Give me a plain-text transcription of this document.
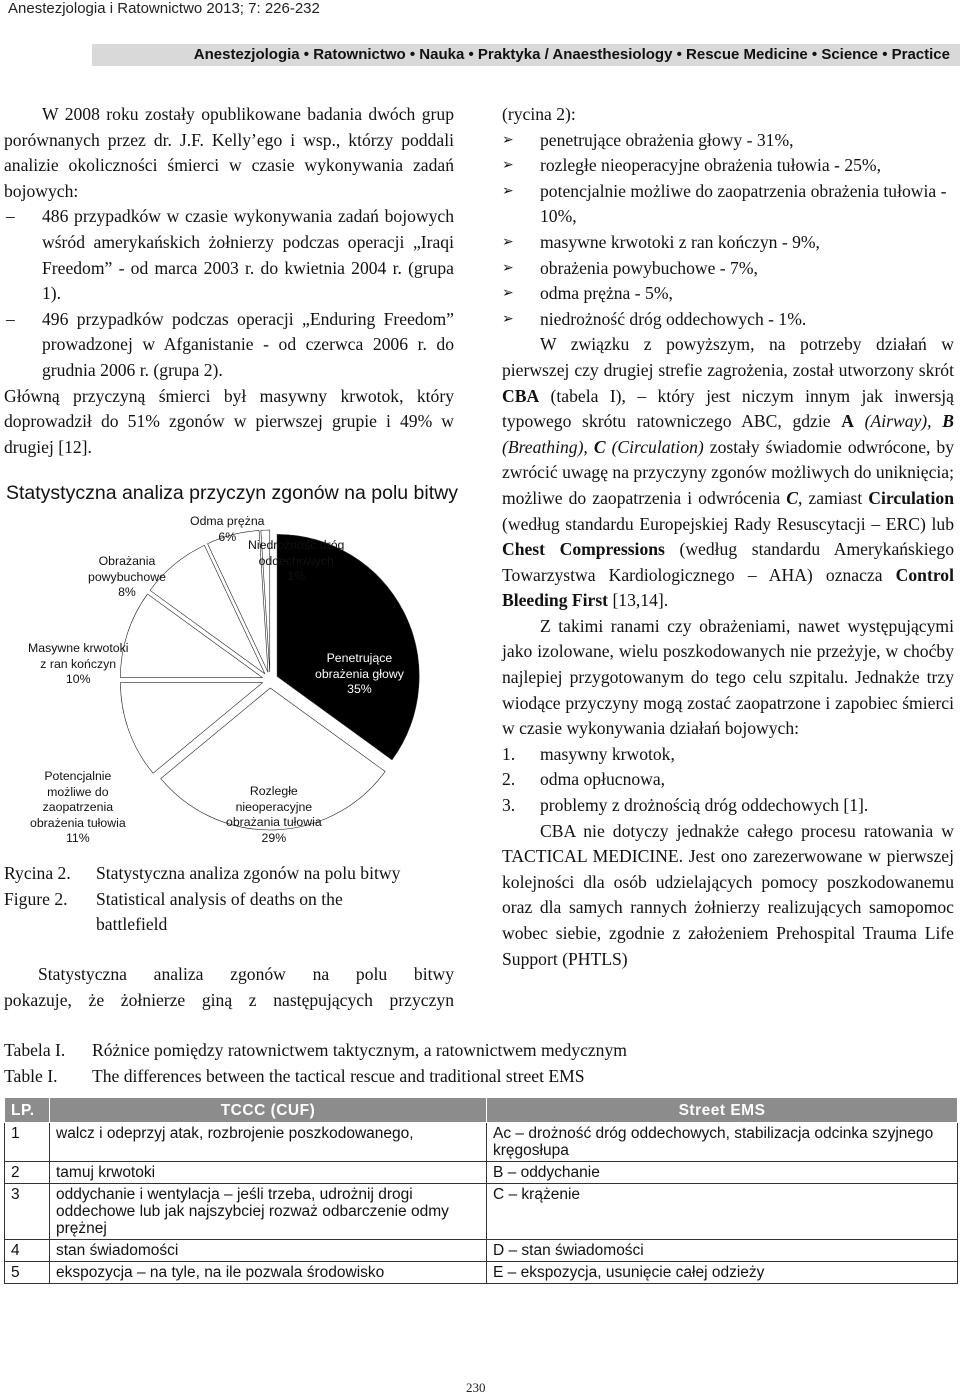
Anestezjologia i Ratownictwo 2013; 7: 226-232
Anestezjologia • Ratownictwo • Nauka • Praktyka / Anaesthesiology • Rescue Medicine • Science • Practice

W 2008 roku zostały opublikowane badania dwóch grup porównanych przez dr. J.F. Kelly’ego i wsp., którzy poddali analizie okoliczności śmierci w czasie wykonywania zadań bojowych:

– 486 przypadków w czasie wykonywania zadań bojowych wśród amerykańskich żołnierzy podczas operacji „Iraqi Freedom” - od marca 2003 r. do kwietnia 2004 r. (grupa 1).
– 496 przypadków podczas operacji „Enduring Freedom” prowadzonej w Afganistanie - od czerwca 2006 r. do grudnia 2006 r. (grupa 2).

Główną przyczyną śmierci był masywny krwotok, który doprowadził do 51% zgonów w pierwszej grupie i 49% w drugiej [12].

Statystyczna analiza przyczyn zgonów na polu bitwy
Odma prężna
6%
Niedrożność dróg
oddechowych
1%
Obrażania
powybuchowe
8%
Masywne krwotoki
z ran kończyn
10%
Penetrujące
obrażenia głowy
35%
Potencjalnie
możliwe do
zaopatrzenia
obrażenia tułowia
11%
Rozległe
nieoperacyjne
obrażania tułowia
29%
Rycina 2. Statystyczna analiza zgonów na polu bitwy
Figure 2. Statistical analysis of deaths on the
battlefield

Statystyczna analiza zgonów na polu bitwy

pokazuje, że żołnierze giną z następujących przyczyn

(rycina 2):

➢ penetrujące obrażenia głowy - 31%,
➢ rozległe nieoperacyjne obrażenia tułowia - 25%,
➢ potencjalnie możliwe do zaopatrzenia obrażenia tułowia - 10%,
➢ masywne krwotoki z ran kończyn - 9%,
➢ obrażenia powybuchowe - 7%,
➢ odma prężna - 5%,
➢ niedrożność dróg oddechowych - 1%.

W związku z powyższym, na potrzeby działań w pierwszej czy drugiej strefie zagrożenia, został utworzony skrót CBA (tabela I), – który jest niczym innym jak inwersją typowego skrótu ratowniczego ABC, gdzie A (Airway), B (Breathing), C (Circulation) zostały świadomie odwrócone, by zwrócić uwagę na przyczyny zgonów możliwych do uniknięcia; możliwe do zaopatrzenia i odwrócenia C, zamiast Circulation (według standardu Europejskiej Rady Resuscytacji – ERC) lub Chest Compressions (według standardu Amerykańskiego Towarzystwa Kardiologicznego – AHA) oznacza Control Bleeding First [13,14].

Z takimi ranami czy obrażeniami, nawet występującymi jako izolowane, wielu poszkodowanych nie przeżyje, w choćby najlepiej przygotowanym do tego celu szpitalu. Jednakże trzy wiodące przyczyny mogą zostać zaopatrzone i zapobiec śmierci w czasie wykonywania działań bojowych:

1. masywny krwotok,
2. odma opłucnowa,
3. problemy z drożnością dróg oddechowych [1].

CBA nie dotyczy jednakże całego procesu ratowania w TACTICAL MEDICINE. Jest ono zarezerwowane w pierwszej kolejności dla osób udzielających pomocy poszkodowanemu oraz dla samych rannych żołnierzy realizujących samopomoc wobec siebie, zgodnie z założeniem Prehospital Trauma Life Support (PHTLS)

Tabela I. Różnice pomiędzy ratownictwem taktycznym, a ratownictwem medycznym
Table I. The differences between the tactical rescue and traditional street EMS
LP.	TCCC (CUF)	Street EMS
1	walcz i odeprzyj atak, rozbrojenie poszkodowanego,	Ac – drożność dróg oddechowych, stabilizacja odcinka szyjnego kręgosłupa
2	tamuj krwotoki	B – oddychanie
3	oddychanie i wentylacja – jeśli trzeba, udrożnij drogi oddechowe lub jak najszybciej rozważ odbarczenie odmy prężnej	C – krążenie
4	stan świadomości	D – stan świadomości
5	ekspozycja – na tyle, na ile pozwala środowisko	E – ekspozycja, usunięcie całej odzieży
230
